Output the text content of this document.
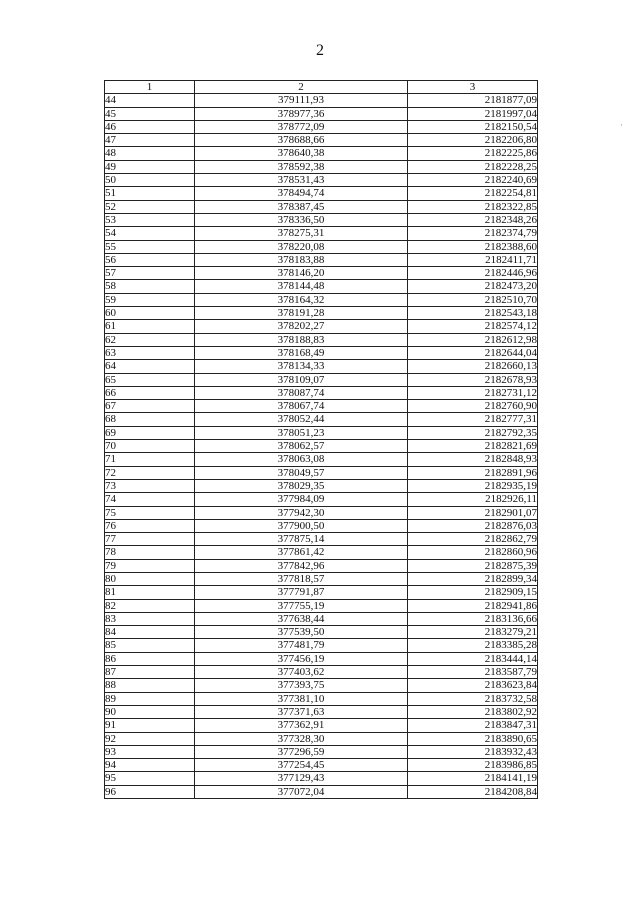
2
1	2	3
44	379111,93	2181877,09
45	378977,36	2181997,04
46	378772,09	2182150,54
47	378688,66	2182206,80
48	378640,38	2182225,86
49	378592,38	2182228,25
50	378531,43	2182240,69
51	378494,74	2182254,81
52	378387,45	2182322,85
53	378336,50	2182348,26
54	378275,31	2182374,79
55	378220,08	2182388,60
56	378183,88	2182411,71
57	378146,20	2182446,96
58	378144,48	2182473,20
59	378164,32	2182510,70
60	378191,28	2182543,18
61	378202,27	2182574,12
62	378188,83	2182612,98
63	378168,49	2182644,04
64	378134,33	2182660,13
65	378109,07	2182678,93
66	378087,74	2182731,12
67	378067,74	2182760,90
68	378052,44	2182777,31
69	378051,23	2182792,35
70	378062,57	2182821,69
71	378063,08	2182848,93
72	378049,57	2182891,96
73	378029,35	2182935,19
74	377984,09	2182926,11
75	377942,30	2182901,07
76	377900,50	2182876,03
77	377875,14	2182862,79
78	377861,42	2182860,96
79	377842,96	2182875,39
80	377818,57	2182899,34
81	377791,87	2182909,15
82	377755,19	2182941,86
83	377638,44	2183136,66
84	377539,50	2183279,21
85	377481,79	2183385,28
86	377456,19	2183444,14
87	377403,62	2183587,79
88	377393,75	2183623,84
89	377381,10	2183732,58
90	377371,63	2183802,92
91	377362,91	2183847,31
92	377328,30	2183890,65
93	377296,59	2183932,43
94	377254,45	2183986,85
95	377129,43	2184141,19
96	377072,04	2184208,84
·
